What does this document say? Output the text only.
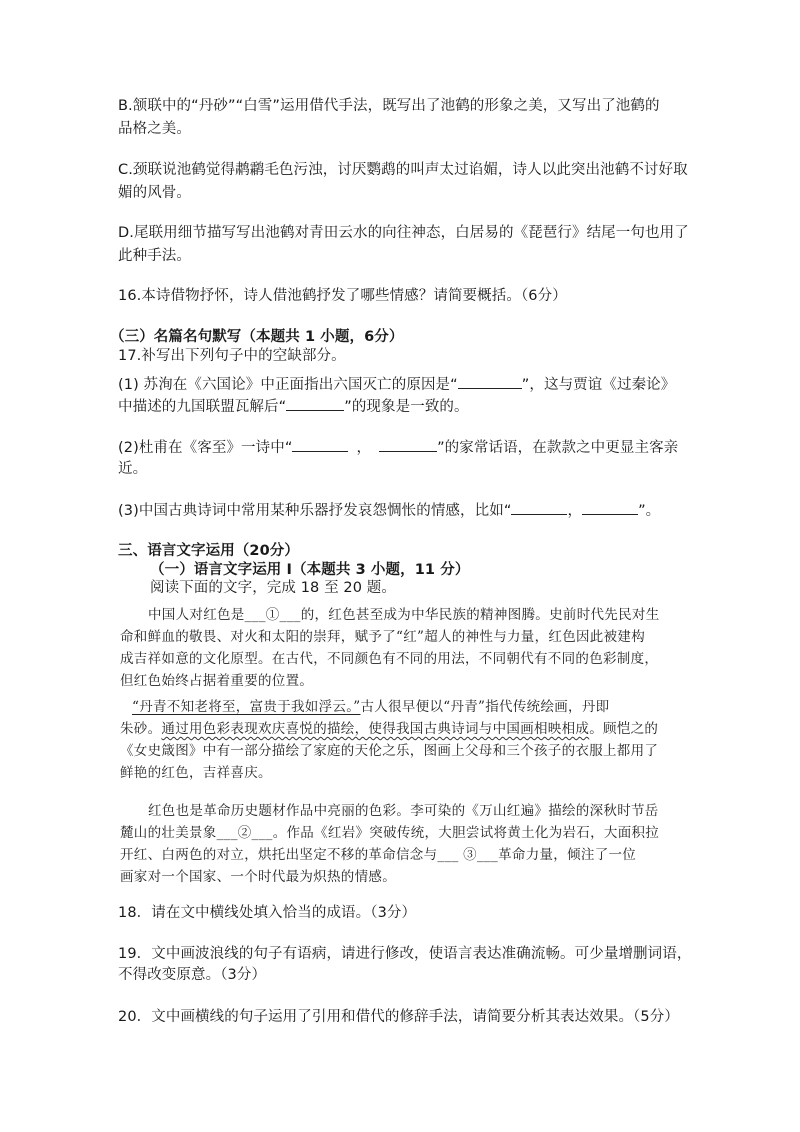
B.颔联中的“丹砂”“白雪”运用借代手法，既写出了池鹤的形象之美，又写出了池鹤的
品格之美。
C.颈联说池鹤觉得鹔鹴毛色污浊，讨厌鹦鹉的叫声太过谄媚，诗人以此突出池鹤不讨好取
媚的风骨。
D.尾联用细节描写写出池鹤对青田云水的向往神态，白居易的《琵琶行》结尾一句也用了
此种手法。
16.本诗借物抒怀，诗人借池鹤抒发了哪些情感？请简要概括。（6分）
（三）名篇名句默写（本题共 1 小题，6分）
17.补写出下列句子中的空缺部分。
(1) 苏洵在《六国论》中正面指出六国灭亡的原因是“	”，这与贾谊《过秦论》
中描述的九国联盟瓦解后“	”的现象是一致的。
(2)杜甫在《客至》一诗中“	，	”的家常话语，在款款之中更显主客亲
近。
(3)中国古典诗词中常用某种乐器抒发哀怨惆怅的情感，比如“	，	”。
三、语言文字运用（20分）
（一）语言文字运用 Ⅰ（本题共 3 小题，11 分）
阅读下面的文字，完成 18 至 20 题。
中国人对红色是___①___的，红色甚至成为中华民族的精神图腾。史前时代先民对生
命和鲜血的敬畏、对火和太阳的崇拜，赋予了“红”超人的神性与力量，红色因此被建构
成吉祥如意的文化原型。在古代，不同颜色有不同的用法，不同朝代有不同的色彩制度，
但红色始终占据着重要的位置。
“丹青不知老将至，富贵于我如浮云。”古人很早便以“丹青”指代传统绘画，丹即
朱砂。通过用色彩表现欢庆喜悦的描绘，使得我国古典诗词与中国画相映相成。顾恺之的
《女史箴图》中有一部分描绘了家庭的天伦之乐，图画上父母和三个孩子的衣服上都用了
鲜艳的红色，吉祥喜庆。
红色也是革命历史题材作品中亮丽的色彩。李可染的《万山红遍》描绘的深秋时节岳
麓山的壮美景象___②___。作品《红岩》突破传统，大胆尝试将黄土化为岩石，大面积拉
开红、白两色的对立，烘托出坚定不移的革命信念与___ ③___革命力量，倾注了一位
画家对一个国家、一个时代最为炽热的情感。
18．请在文中横线处填入恰当的成语。（3分）
19．文中画波浪线的句子有语病，请进行修改，使语言表达准确流畅。可少量增删词语，
不得改变原意。（3分）
20．文中画横线的句子运用了引用和借代的修辞手法，请简要分析其表达效果。（5分）
